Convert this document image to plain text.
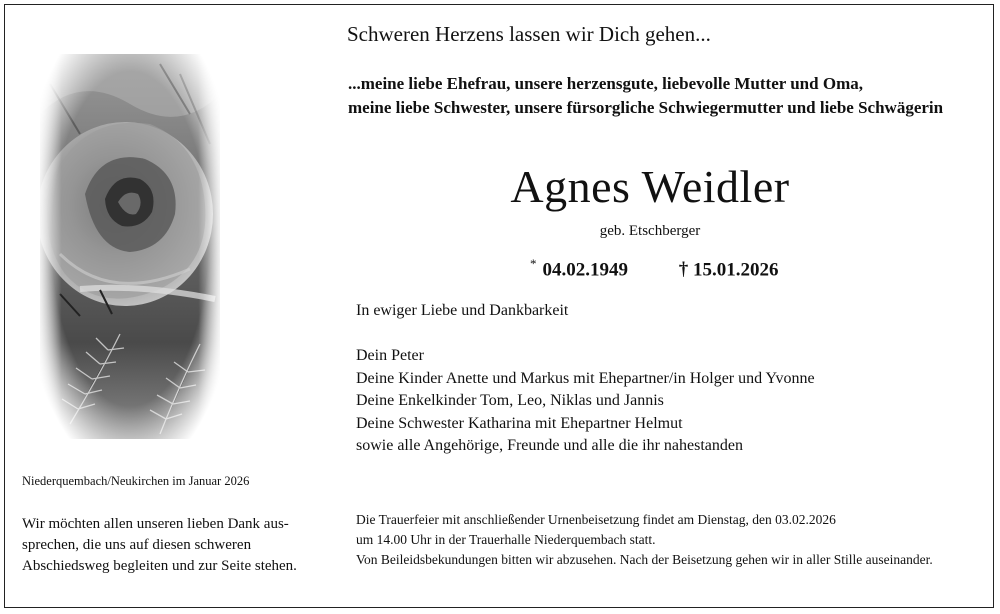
Schweren Herzens lassen wir Dich gehen...
...meine liebe Ehefrau, unsere herzensgute, liebevolle Mutter und Oma,
meine liebe Schwester, unsere fürsorgliche Schwiegermutter und liebe Schwägerin
Agnes Weidler
geb. Etschberger
* 04.02.1949	† 15.01.2026
In ewiger Liebe und Dankbarkeit
Dein Peter
Deine Kinder Anette und Markus mit Ehepartner/in Holger und Yvonne
Deine Enkelkinder Tom, Leo, Niklas und Jannis
Deine Schwester Katharina mit Ehepartner Helmut
sowie alle Angehörige, Freunde und alle die ihr nahestanden
Niederquembach/Neukirchen im Januar 2026
Wir möchten allen unseren lieben Dank aus-
sprechen, die uns auf diesen schweren
Abschiedsweg begleiten und zur Seite stehen.
Die Trauerfeier mit anschließender Urnenbeisetzung findet am Dienstag, den 03.02.2026
um 14.00 Uhr in der Trauerhalle Niederquembach statt.
Von Beileidsbekundungen bitten wir abzusehen. Nach der Beisetzung gehen wir in aller Stille auseinander.
